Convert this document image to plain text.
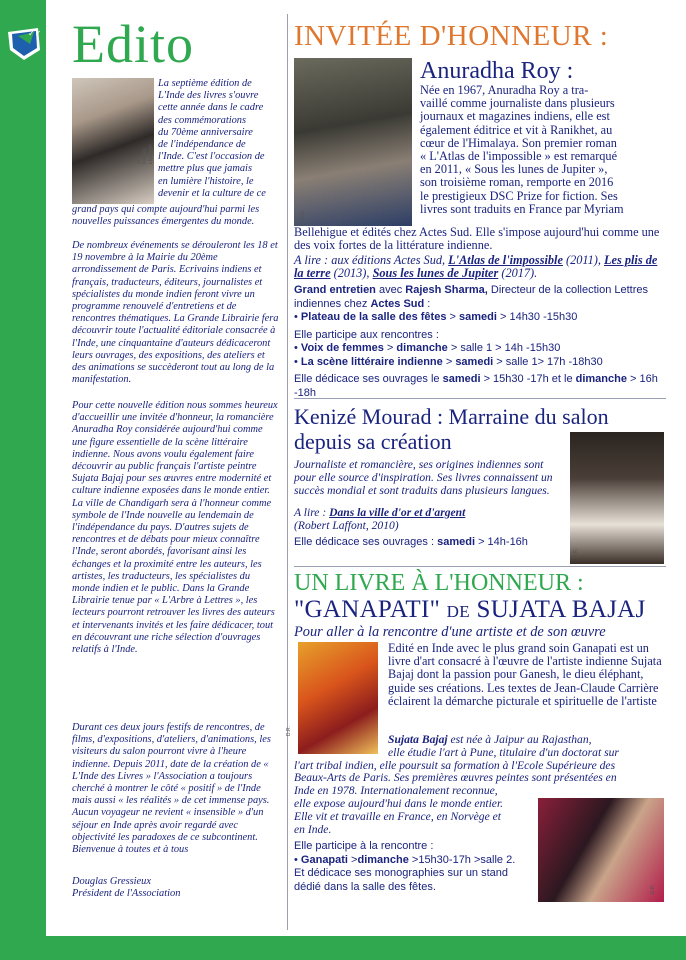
✓✓ Edito
© Roman Lhuissier
La septième édition de
L'Inde des livres s'ouvre
cette année dans le cadre
des commémorations
du 70ème anniversaire
de l'indépendance de
l'Inde. C'est l'occasion de
mettre plus que jamais
en lumière l'histoire, le
devenir et la culture de ce
grand pays qui compte aujourd'hui parmi les nouvelles puissances émergentes du monde.
De nombreux événements se dérouleront les 18 et 19 novembre à la Mairie du 20ème arrondissement de Paris. Ecrivains indiens et français, traducteurs, éditeurs, journalistes et spécialistes du monde indien feront vivre un programme renouvelé d'entretiens et de rencontres thématiques. La Grande Librairie fera découvrir toute l'actualité éditoriale consacrée à l'Inde, une cinquantaine d'auteurs dédicaceront leurs ouvrages, des expositions, des ateliers et des animations se succèderont tout au long de la manifestation.
Pour cette nouvelle édition nous sommes heureux d'accueillir une invitée d'honneur, la romancière Anuradha Roy considérée aujourd'hui comme une figure essentielle de la scène littéraire indienne. Nous avons voulu également faire découvrir au public français l'artiste peintre Sujata Bajaj pour ses œuvres entre modernité et culture indienne exposées dans le monde entier. La ville de Chandigarh sera à l'honneur comme symbole de l'Inde nouvelle au lendemain de l'indépendance du pays. D'autres sujets de rencontres et de débats pour mieux connaître l'Inde, seront abordés, favorisant ainsi les échanges et la proximité entre les auteurs, les artistes, les traducteurs, les spécialistes du monde indien et le public. Dans la Grande Librairie tenue par « L'Arbre à Lettres », les lecteurs pourront retrouver les livres des auteurs et intervenants invités et les faire dédicacer, tout en découvrant une riche sélection d'ouvrages relatifs à l'Inde.
Durant ces deux jours festifs de rencontres, de films, d'expositions, d'ateliers, d'animations, les visiteurs du salon pourront vivre à l'heure indienne. Depuis 2011, date de la création de « L'Inde des Livres » l'Association a toujours cherché à montrer le côté « positif » de l'Inde mais aussi « les réalités » de cet immense pays. Aucun voyageur ne revient « insensible » d'un séjour en Inde après avoir regardé avec objectivité les paradoxes de ce subcontinent.
Bienvenue à toutes et à tous
Douglas Gressieux
Président de l'Association
INVITÉE D'HONNEUR :
D.R.
Anuradha Roy :
Née en 1967, Anuradha Roy a tra-
vaillé comme journaliste dans plusieurs
journaux et magazines indiens, elle est
également éditrice et vit à Ranikhet, au
cœur de l'Himalaya. Son premier roman
« L'Atlas de l'impossible » est remarqué
en 2011, « Sous les lunes de Jupiter »,
son troisième roman, remporte en 2016
le prestigieux DSC Prize for fiction. Ses
livres sont traduits en France par Myriam
Bellehigue et édités chez Actes Sud. Elle s'impose aujourd'hui comme une des voix fortes de la littérature indienne.
A lire : aux éditions Actes Sud, L'Atlas de l'impossible (2011), Les plis de la terre (2013), Sous les lunes de Jupiter (2017).
Grand entretien avec Rajesh Sharma, Directeur de la collection Lettres indiennes chez Actes Sud :
• Plateau de la salle des fêtes > samedi > 14h30 -15h30
Elle participe aux rencontres :
• Voix de femmes > dimanche > salle 1 > 14h -15h30
• La scène littéraire indienne > samedi > salle 1> 17h -18h30
Elle dédicace ses ouvrages le samedi > 15h30 -17h et le dimanche > 16h -18h
Kenizé Mourad : Marraine du salon depuis sa création
D.R.
Journaliste et romancière, ses origines indiennes sont pour elle source d'inspiration. Ses livres connaissent un succès mondial et sont traduits dans plusieurs langues.
A lire : Dans la ville d'or et d'argent
(Robert Laffont, 2010)
Elle dédicace ses ouvrages : samedi > 14h-16h
UN LIVRE À L'HONNEUR :
"GANAPATI" DE SUJATA BAJAJ
Pour aller à la rencontre d'une artiste et de son œuvre
D.R.
Edité en Inde avec le plus grand soin Ganapati est un livre d'art consacré à l'œuvre de l'artiste indienne Sujata Bajaj dont la passion pour Ganesh, le dieu éléphant, guide ses créations. Les textes de Jean-Claude Carrière éclairent la démarche picturale et spirituelle de l'artiste
Sujata Bajaj est née à Jaipur au Rajasthan,
elle étudie l'art à Pune, titulaire d'un doctorat sur
l'art tribal indien, elle poursuit sa formation à l'Ecole Supérieure des
Beaux-Arts de Paris. Ses premières œuvres peintes sont présentées en
Inde en 1978. Internationalement reconnue,
elle expose aujourd'hui dans le monde entier.
Elle vit et travaille en France, en Norvège et
en Inde.
D.R.
Elle participe à la rencontre :
• Ganapati >dimanche >15h30-17h >salle 2.
Et dédicace ses monographies sur un stand dédié dans la salle des fêtes.
